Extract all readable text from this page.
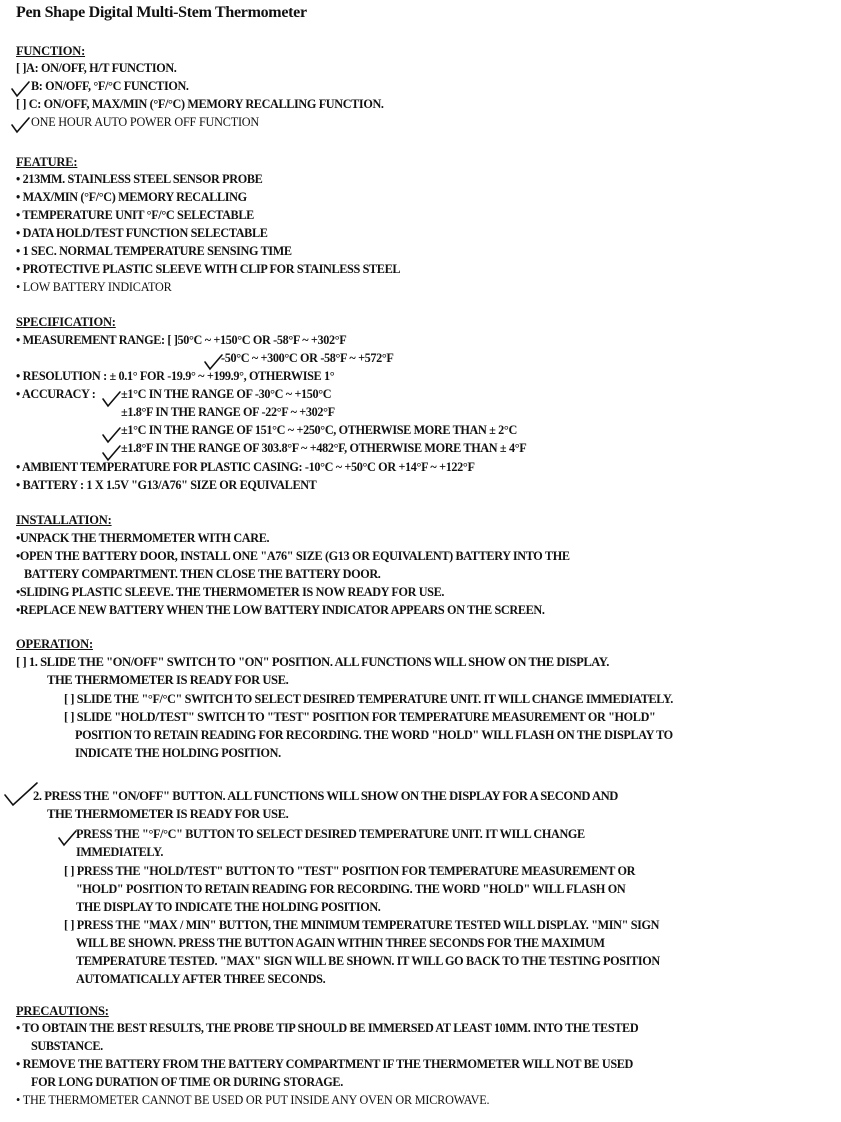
Pen Shape Digital Multi-Stem Thermometer
FUNCTION:
[ ]A: ON/OFF, H/T FUNCTION.
B: ON/OFF, °F/°C FUNCTION.
[ ] C: ON/OFF, MAX/MIN (°F/°C) MEMORY RECALLING FUNCTION.
ONE HOUR AUTO POWER OFF FUNCTION
FEATURE:
• 213MM. STAINLESS STEEL SENSOR PROBE
• MAX/MIN (°F/°C) MEMORY RECALLING
• TEMPERATURE UNIT °F/°C SELECTABLE
• DATA HOLD/TEST FUNCTION SELECTABLE
• 1 SEC. NORMAL TEMPERATURE SENSING TIME
• PROTECTIVE PLASTIC SLEEVE WITH CLIP FOR STAINLESS STEEL
• LOW BATTERY INDICATOR
SPECIFICATION:
• MEASUREMENT RANGE: [ ]50°C ~ +150°C OR -58°F ~ +302°F
-50°C ~ +300°C OR -58°F ~ +572°F
• RESOLUTION : ± 0.1° FOR -19.9° ~ +199.9°, OTHERWISE 1°
• ACCURACY : ±1°C IN THE RANGE OF -30°C ~ +150°C
±1.8°F IN THE RANGE OF -22°F ~ +302°F
±1°C IN THE RANGE OF 151°C ~ +250°C, OTHERWISE MORE THAN ± 2°C
±1.8°F IN THE RANGE OF 303.8°F ~ +482°F, OTHERWISE MORE THAN ± 4°F
• AMBIENT TEMPERATURE FOR PLASTIC CASING: -10°C ~ +50°C OR +14°F ~ +122°F
• BATTERY : 1 X 1.5V "G13/A76" SIZE OR EQUIVALENT
INSTALLATION:
•UNPACK THE THERMOMETER WITH CARE.
•OPEN THE BATTERY DOOR, INSTALL ONE "A76" SIZE (G13 OR EQUIVALENT) BATTERY INTO THE
BATTERY COMPARTMENT. THEN CLOSE THE BATTERY DOOR.
•SLIDING PLASTIC SLEEVE. THE THERMOMETER IS NOW READY FOR USE.
•REPLACE NEW BATTERY WHEN THE LOW BATTERY INDICATOR APPEARS ON THE SCREEN.
OPERATION:
[ ] 1. SLIDE THE "ON/OFF" SWITCH TO "ON" POSITION. ALL FUNCTIONS WILL SHOW ON THE DISPLAY.
THE THERMOMETER IS READY FOR USE.
[ ] SLIDE THE "°F/°C" SWITCH TO SELECT DESIRED TEMPERATURE UNIT. IT WILL CHANGE IMMEDIATELY.
[ ] SLIDE "HOLD/TEST" SWITCH TO "TEST" POSITION FOR TEMPERATURE MEASUREMENT OR "HOLD"
POSITION TO RETAIN READING FOR RECORDING. THE WORD "HOLD" WILL FLASH ON THE DISPLAY TO
INDICATE THE HOLDING POSITION.
2. PRESS THE "ON/OFF" BUTTON. ALL FUNCTIONS WILL SHOW ON THE DISPLAY FOR A SECOND AND
THE THERMOMETER IS READY FOR USE.
PRESS THE "°F/°C" BUTTON TO SELECT DESIRED TEMPERATURE UNIT. IT WILL CHANGE
IMMEDIATELY.
[ ] PRESS THE "HOLD/TEST" BUTTON TO "TEST" POSITION FOR TEMPERATURE MEASUREMENT OR
"HOLD" POSITION TO RETAIN READING FOR RECORDING. THE WORD "HOLD" WILL FLASH ON
THE DISPLAY TO INDICATE THE HOLDING POSITION.
[ ] PRESS THE "MAX / MIN" BUTTON, THE MINIMUM TEMPERATURE TESTED WILL DISPLAY. "MIN" SIGN
WILL BE SHOWN. PRESS THE BUTTON AGAIN WITHIN THREE SECONDS FOR THE MAXIMUM
TEMPERATURE TESTED. "MAX" SIGN WILL BE SHOWN. IT WILL GO BACK TO THE TESTING POSITION
AUTOMATICALLY AFTER THREE SECONDS.
PRECAUTIONS:
• TO OBTAIN THE BEST RESULTS, THE PROBE TIP SHOULD BE IMMERSED AT LEAST 10MM. INTO THE TESTED
SUBSTANCE.
• REMOVE THE BATTERY FROM THE BATTERY COMPARTMENT IF THE THERMOMETER WILL NOT BE USED
FOR LONG DURATION OF TIME OR DURING STORAGE.
• THE THERMOMETER CANNOT BE USED OR PUT INSIDE ANY OVEN OR MICROWAVE.
